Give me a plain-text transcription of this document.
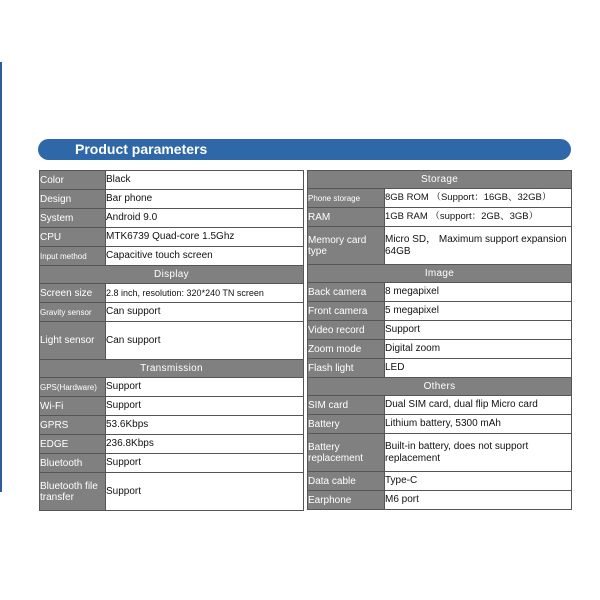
Product parameters
Color	Black
Design	Bar phone
System	Android 9.0
CPU	MTK6739 Quad-core 1.5Ghz
Input method	Capacitive touch screen
Display	
Screen size	2.8 inch, resolution: 320*240 TN screen
Gravity sensor	Can support
Light sensor	Can support
Transmission	
GPS(Hardware)	Support
Wi-Fi	Support
GPRS	53.6Kbps
EDGE	236.8Kbps
Bluetooth	Support
Bluetooth file transfer	Support
Storage	
Phone storage	8GB ROM （Support：16GB、32GB）
RAM	1GB RAM （support：2GB、3GB）
Memory card type	Micro SD， Maximum support expansion 64GB
Image	
Back camera	8 megapixel
Front camera	5 megapixel
Video record	Support
Zoom mode	Digital zoom
Flash light	LED
Others	
SIM card	Dual SIM card, dual flip Micro card
Battery	Lithium battery, 5300 mAh
Battery replacement	Built-in battery, does not support replacement
Data cable	Type-C
Earphone	M6 port
